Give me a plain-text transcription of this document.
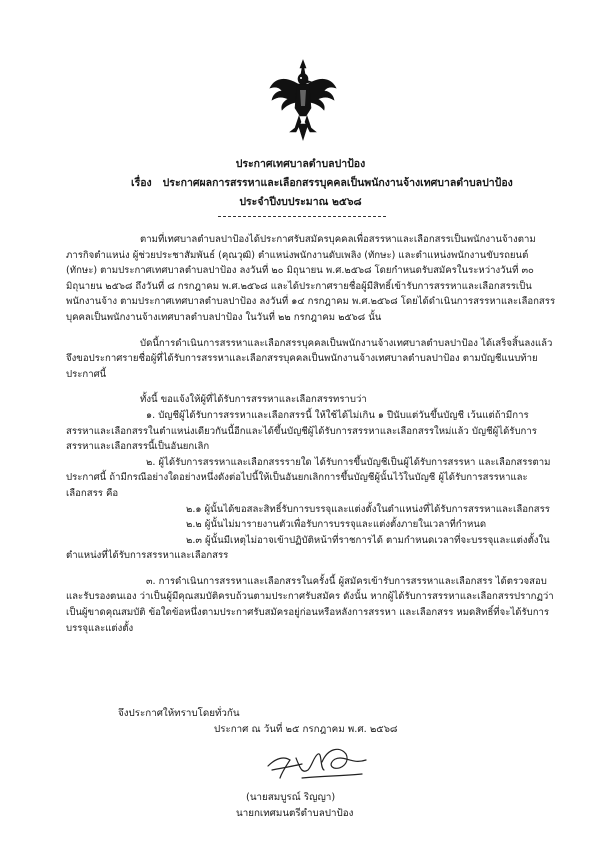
ประกาศเทศบาลตำบลปาป้อง
เรื่อง ประกาศผลการสรรหาและเลือกสรรบุคคลเป็นพนักงานจ้างเทศบาลตำบลปาป้อง
ประจำปีงบประมาณ ๒๕๖๘

ตามที่เทศบาลตำบลปาป้องได้ประกาศรับสมัครบุคคลเพื่อสรรหาและเลือกสรรเป็นพนักงานจ้างตามภารกิจตำแหน่ง ผู้ช่วยประชาสัมพันธ์ (คุณวุฒิ) ตำแหน่งพนักงานดับเพลิง (ทักษะ) และตำแหน่งพนักงานขับรถยนต์ (ทักษะ) ตามประกาศเทศบาลตำบลปาป้อง ลงวันที่ ๒๐ มิถุนายน พ.ศ.๒๕๖๘ โดยกำหนดรับสมัครในระหว่างวันที่ ๓๐ มิถุนายน ๒๕๖๘ ถึงวันที่ ๘ กรกฎาคม พ.ศ.๒๕๖๘ และได้ประกาศรายชื่อผู้มีสิทธิ์เข้ารับการสรรหาและเลือกสรรเป็นพนักงานจ้าง ตามประกาศเทศบาลตำบลปาป้อง ลงวันที่ ๑๔ กรกฎาคม พ.ศ.๒๕๖๘ โดยได้ดำเนินการสรรหาและเลือกสรรบุคคลเป็นพนักงานจ้างเทศบาลตำบลปาป้อง ในวันที่ ๒๒ กรกฎาคม ๒๕๖๘ นั้น

บัดนี้การดำเนินการสรรหาและเลือกสรรบุคคลเป็นพนักงานจ้างเทศบาลตำบลปาป้อง ได้เสร็จสิ้นลงแล้วจึงขอประกาศรายชื่อผู้ที่ได้รับการสรรหาและเลือกสรรบุคคลเป็นพนักงานจ้างเทศบาลตำบลปาป้อง ตามบัญชีแนบท้ายประกาศนี้

ทั้งนี้ ขอแจ้งให้ผู้ที่ได้รับการสรรหาและเลือกสรรทราบว่า

๑. บัญชีผู้ได้รับการสรรหาและเลือกสรรนี้ ให้ใช้ได้ไม่เกิน ๑ ปีนับแต่วันขึ้นบัญชี เว้นแต่ถ้ามีการสรรหาและเลือกสรรในตำแหน่งเดียวกันนี้อีกและได้ขึ้นบัญชีผู้ได้รับการสรรหาและเลือกสรรใหม่แล้ว บัญชีผู้ได้รับการสรรหาและเลือกสรรนี้เป็นอันยกเลิก

๒. ผู้ได้รับการสรรหาและเลือกสรรรายใด ได้รับการขึ้นบัญชีเป็นผู้ได้รับการสรรหา และเลือกสรรตามประกาศนี้ ถ้ามีกรณีอย่างใดอย่างหนึ่งดังต่อไปนี้ให้เป็นอันยกเลิกการขึ้นบัญชีผู้นั้นไว้ในบัญชี ผู้ได้รับการสรรหาและเลือกสรร คือ

๒.๑ ผู้นั้นได้ขอสละสิทธิ์รับการบรรจุและแต่งตั้งในตำแหน่งที่ได้รับการสรรหาและเลือกสรร

๒.๒ ผู้นั้นไม่มารายงานตัวเพื่อรับการบรรจุและแต่งตั้งภายในเวลาที่กำหนด

๒.๓ ผู้นั้นมีเหตุไม่อาจเข้าปฏิบัติหน้าที่ราชการได้ ตามกำหนดเวลาที่จะบรรจุและแต่งตั้งในตำแหน่งที่ได้รับการสรรหาและเลือกสรร

๓. การดำเนินการสรรหาและเลือกสรรในครั้งนี้ ผู้สมัครเข้ารับการสรรหาและเลือกสรร ได้ตรวจสอบและรับรองตนเอง ว่าเป็นผู้มีคุณสมบัติครบถ้วนตามประกาศรับสมัคร ดังนั้น หากผู้ได้รับการสรรหาและเลือกสรรปรากฏว่าเป็นผู้ขาดคุณสมบัติ ข้อใดข้อหนึ่งตามประกาศรับสมัครอยู่ก่อนหรือหลังการสรรหา และเลือกสรร หมดสิทธิ์ที่จะได้รับการบรรจุและแต่งตั้ง

จึงประกาศให้ทราบโดยทั่วกัน
ประกาศ ณ วันที่ ๒๕ กรกฎาคม พ.ศ. ๒๕๖๘
(นายสมบูรณ์ ริญญา)
นายกเทศมนตรีตำบลปาป้อง
